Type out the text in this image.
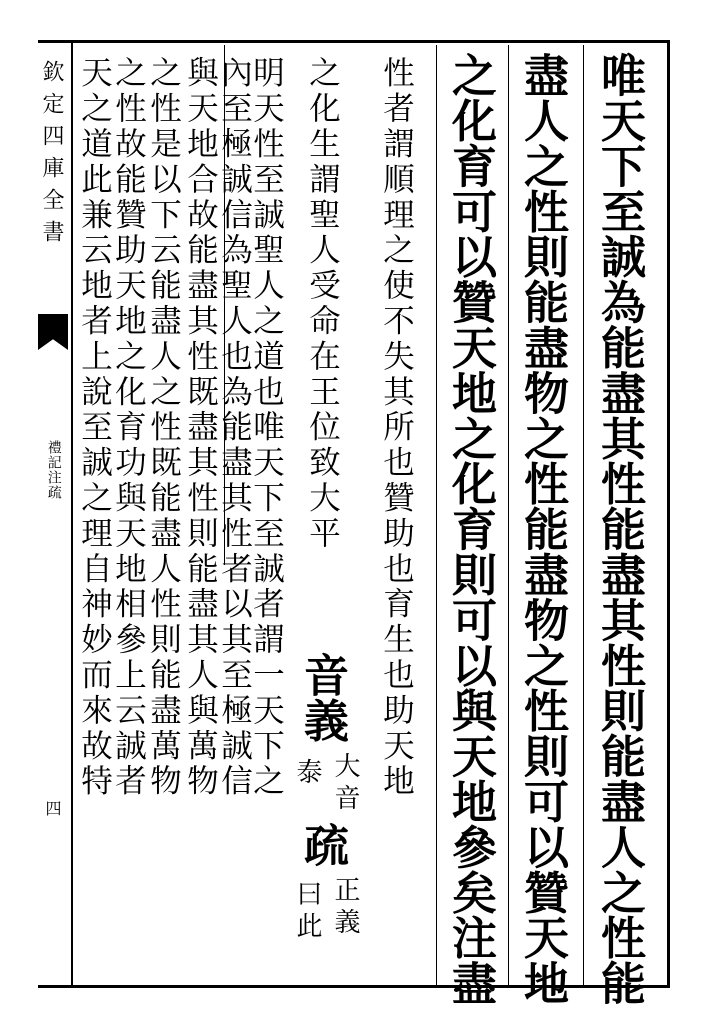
欽定四庫全書
禮記注疏
四	唯天下至誠為能盡其性能盡其性則能盡人之性能
盡人之性則能盡物之性能盡物之性則可以贊天地
之化育可以贊天地之化育則可以與天地參矣注盡
性者謂順理之使不失其所也贊助也育生也助天地
之化生謂聖人受命在王位致大平
音義
大音
泰
疏
正義
曰此
明天性至誠聖人之道也唯天下至誠者謂一天下之
內至極誠信為聖人也為能盡其性者以其至極誠信
與天地合故能盡其性既盡其性則能盡其人與萬物
之性是以下云能盡人之性既能盡人性則能盡萬物
之性故能贊助天地之化育功與天地相參上云誠者
天之道此兼云地者上說至誠之理自神妙而來故特
